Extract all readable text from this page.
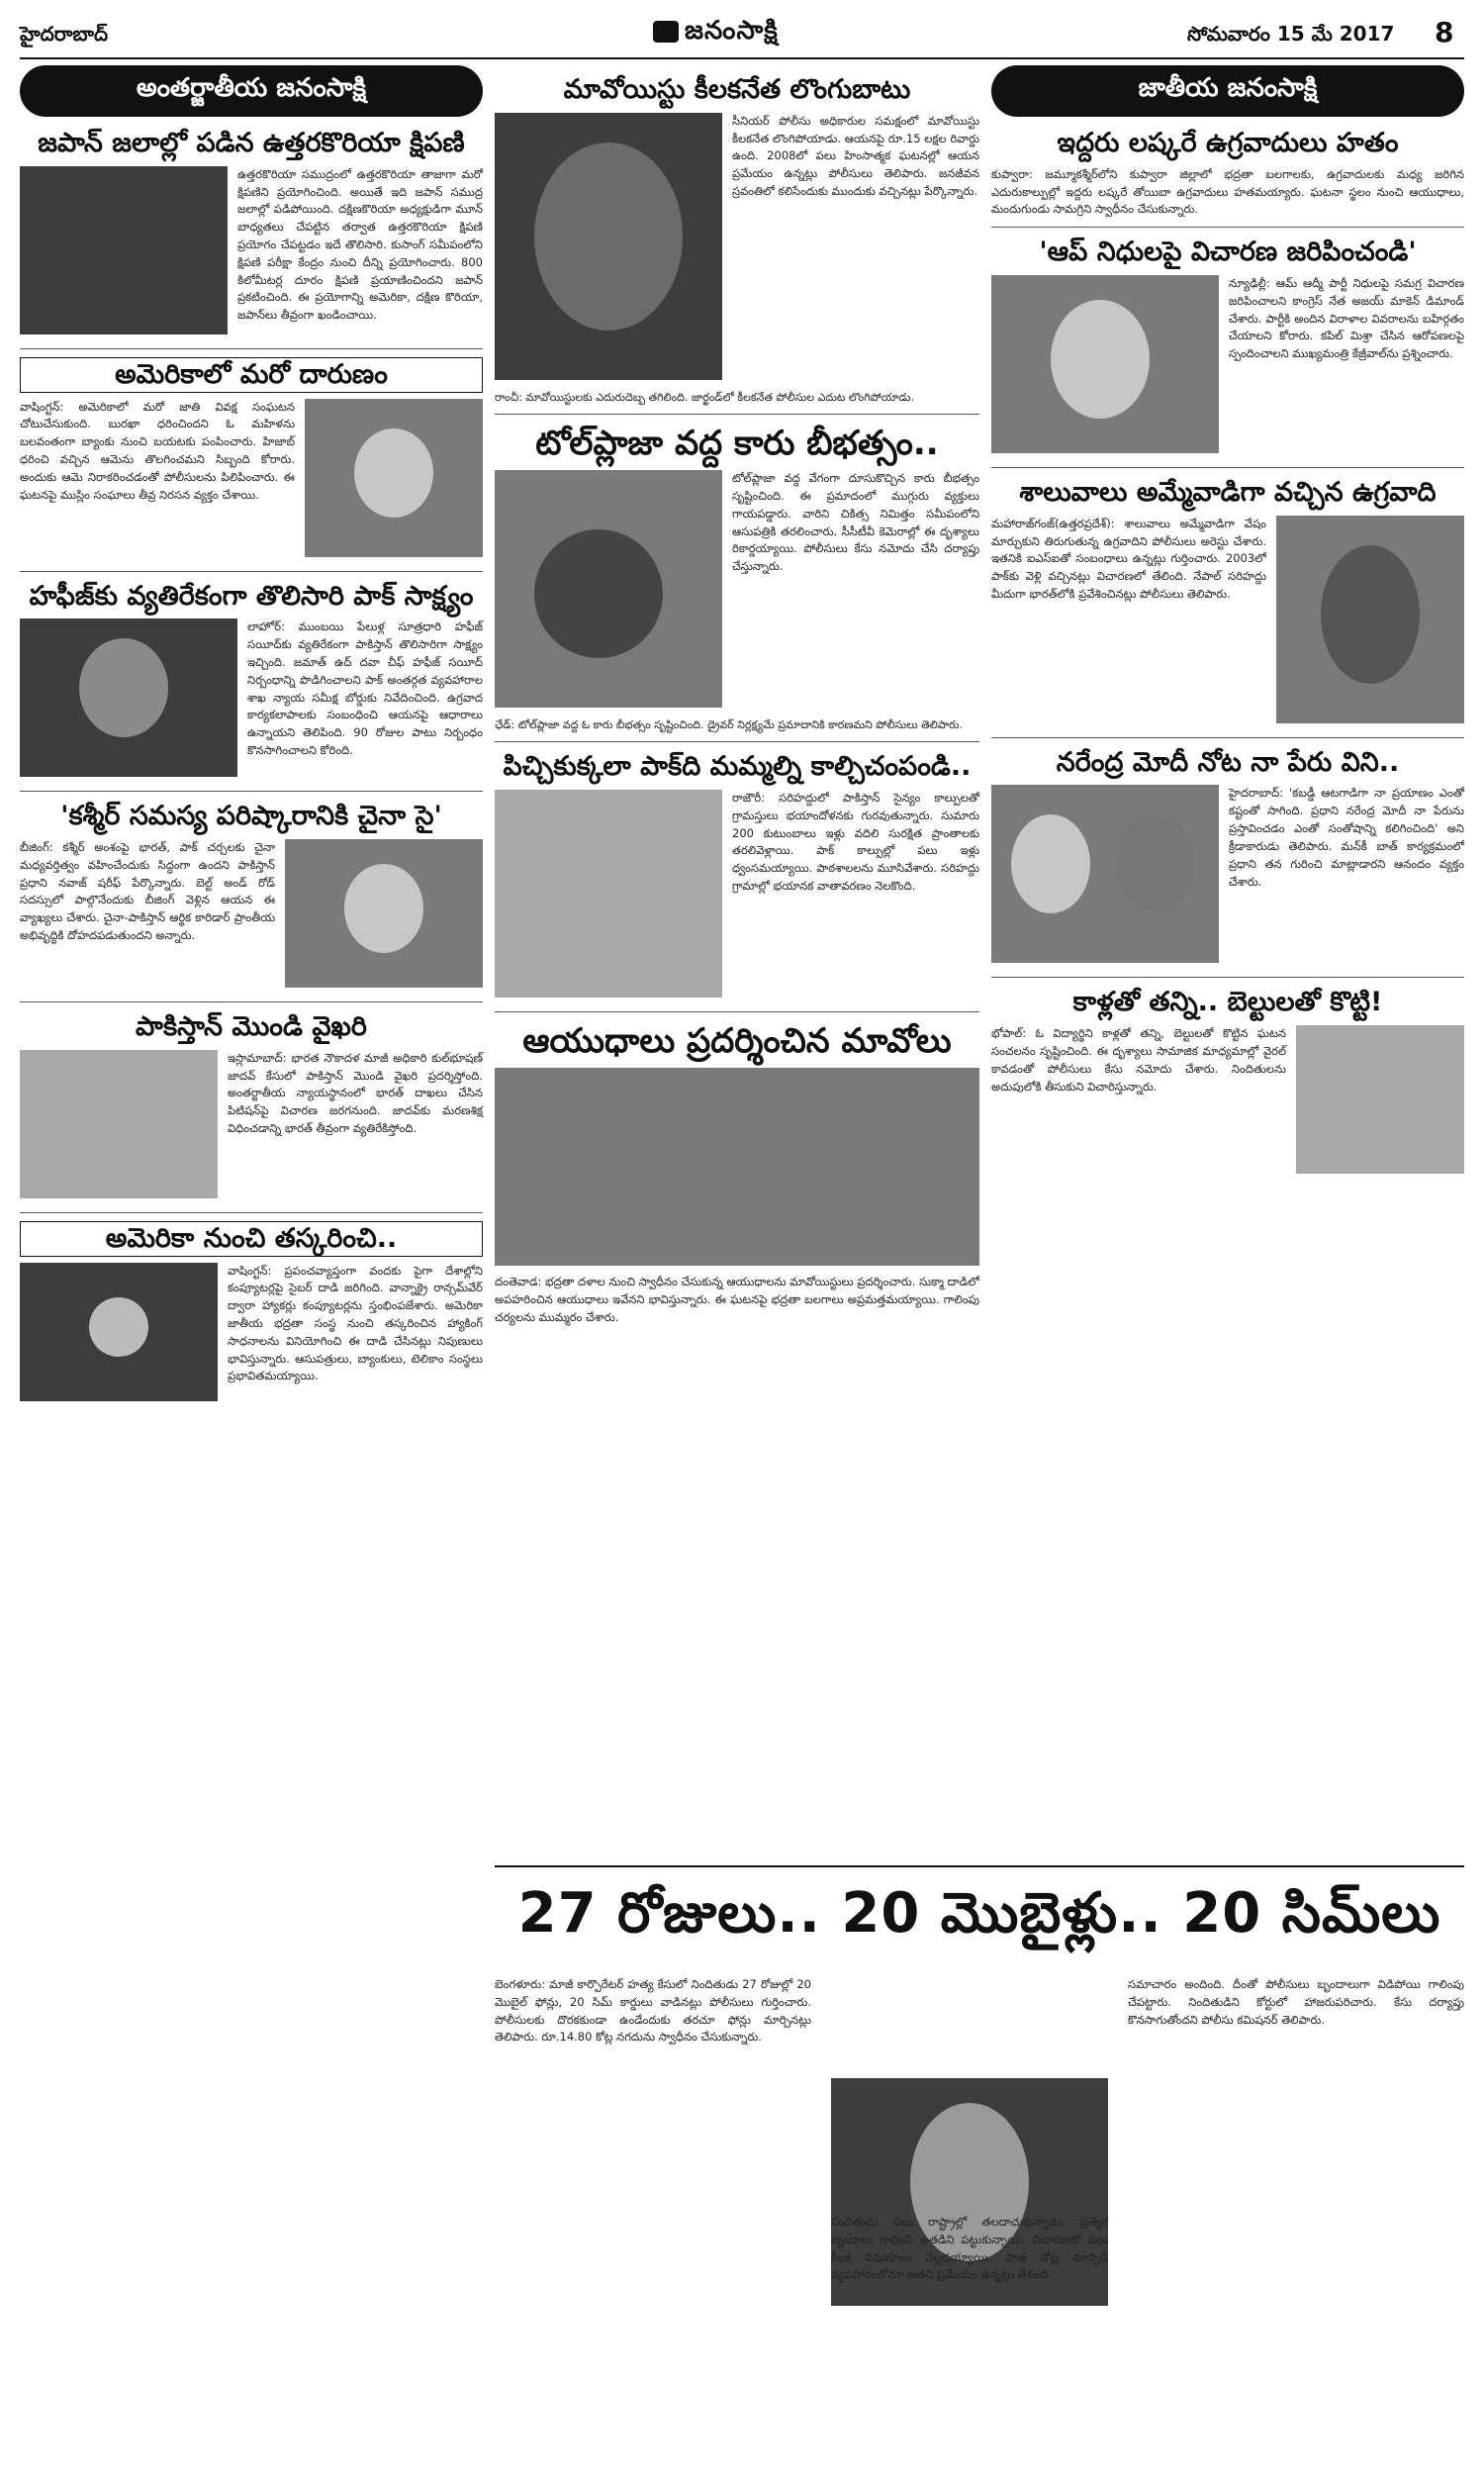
హైదరాబాద్	జనంసాక్షి	సోమవారం 15 మే 2017 8
అంతర్జాతీయ జనంసాక్షి
జపాన్ జలాల్లో పడిన ఉత్తరకొరియా క్షిపణి
ఉత్తరకొరియా సముద్రంలో ఉత్తరకొరియా తాజాగా మరో క్షిపణిని ప్రయోగించింది. అయితే ఇది జపాన్ సముద్ర జలాల్లో పడిపోయింది. దక్షిణకొరియా అధ్యక్షుడిగా మూన్ బాధ్యతలు చేపట్టిన తర్వాత ఉత్తరకొరియా క్షిపణి ప్రయోగం చేపట్టడం ఇదే తొలిసారి. కుసాంగ్ సమీపంలోని క్షిపణి పరీక్షా కేంద్రం నుంచి దీన్ని ప్రయోగించారు. 800 కిలోమీటర్ల దూరం క్షిపణి ప్రయాణించిందని జపాన్ ప్రకటించింది. ఈ ప్రయోగాన్ని అమెరికా, దక్షిణ కొరియా, జపాన్‌లు తీవ్రంగా ఖండించాయి.
అమెరికాలో మరో దారుణం
వాషింగ్టన్: అమెరికాలో మరో జాతి వివక్ష సంఘటన చోటుచేసుకుంది. బురఖా ధరించిందని ఓ మహిళను బలవంతంగా బ్యాంకు నుంచి బయటకు పంపించారు. హిజాబ్ ధరించి వచ్చిన ఆమెను తొలగించమని సిబ్బంది కోరారు. అందుకు ఆమె నిరాకరించడంతో పోలీసులను పిలిపించారు. ఈ ఘటనపై ముస్లిం సంఘాలు తీవ్ర నిరసన వ్యక్తం చేశాయి.
హఫీజ్‌కు వ్యతిరేకంగా తొలిసారి పాక్ సాక్ష్యం
లాహోర్: ముంబయి పేలుళ్ల సూత్రధారి హఫీజ్ సయీద్‌కు వ్యతిరేకంగా పాకిస్తాన్ తొలిసారిగా సాక్ష్యం ఇచ్చింది. జమాత్ ఉద్ దవా చీఫ్ హఫీజ్ సయీద్ నిర్బంధాన్ని పొడిగించాలని పాక్ అంతర్గత వ్యవహారాల శాఖ న్యాయ సమీక్ష బోర్డుకు నివేదించింది. ఉగ్రవాద కార్యకలాపాలకు సంబంధించి ఆయనపై ఆధారాలు ఉన్నాయని తెలిపింది. 90 రోజుల పాటు నిర్బంధం కొనసాగించాలని కోరింది.
'కశ్మీర్ సమస్య పరిష్కారానికి చైనా సై'
బీజింగ్: కశ్మీర్ అంశంపై భారత్, పాక్ చర్చలకు చైనా మధ్యవర్తిత్వం వహించేందుకు సిద్ధంగా ఉందని పాకిస్తాన్ ప్రధాని నవాజ్ షరీఫ్ పేర్కొన్నారు. బెల్ట్ అండ్ రోడ్ సదస్సులో పాల్గొనేందుకు బీజింగ్ వెళ్లిన ఆయన ఈ వ్యాఖ్యలు చేశారు. చైనా-పాకిస్తాన్ ఆర్థిక కారిడార్ ప్రాంతీయ అభివృద్ధికి దోహదపడుతుందని అన్నారు.
పాకిస్తాన్ మొండి వైఖరి
ఇస్లామాబాద్: భారత నౌకాదళ మాజీ అధికారి కుల్‌భూషణ్ జాదవ్ కేసులో పాకిస్తాన్ మొండి వైఖరి ప్రదర్శిస్తోంది. అంతర్జాతీయ న్యాయస్థానంలో భారత్ దాఖలు చేసిన పిటిషన్‌పై విచారణ జరగనుంది. జాదవ్‌కు మరణశిక్ష విధించడాన్ని భారత్ తీవ్రంగా వ్యతిరేకిస్తోంది.
అమెరికా నుంచి తస్కరించి..
వాషింగ్టన్: ప్రపంచవ్యాప్తంగా వందకు పైగా దేశాల్లోని కంప్యూటర్లపై సైబర్ దాడి జరిగింది. వాన్నాక్రై రాన్సమ్‌వేర్ ద్వారా హ్యాకర్లు కంప్యూటర్లను స్తంభింపజేశారు. అమెరికా జాతీయ భద్రతా సంస్థ నుంచి తస్కరించిన హ్యాకింగ్ సాధనాలను వినియోగించి ఈ దాడి చేసినట్లు నిపుణులు భావిస్తున్నారు. ఆసుపత్రులు, బ్యాంకులు, టెలికాం సంస్థలు ప్రభావితమయ్యాయి.
మావోయిస్టు కీలకనేత లొంగుబాటు
సీనియర్ పోలీసు అధికారుల సమక్షంలో మావోయిస్టు కీలకనేత లొంగిపోయాడు. ఆయనపై రూ.15 లక్షల రివార్డు ఉంది. 2008లో పలు హింసాత్మక ఘటనల్లో ఆయన ప్రమేయం ఉన్నట్లు పోలీసులు తెలిపారు. జనజీవన స్రవంతిలో కలిసేందుకు ముందుకు వచ్చినట్లు పేర్కొన్నారు.
రాంచీ: మావోయిస్టులకు ఎదురుదెబ్బ తగిలింది. జార్ఖండ్‌లో కీలకనేత పోలీసుల ఎదుట లొంగిపోయాడు.
టోల్‌ప్లాజా వద్ద కారు బీభత్సం..
టోల్‌ప్లాజా వద్ద వేగంగా దూసుకొచ్చిన కారు బీభత్సం సృష్టించింది. ఈ ప్రమాదంలో ముగ్గురు వ్యక్తులు గాయపడ్డారు. వారిని చికిత్స నిమిత్తం సమీపంలోని ఆసుపత్రికి తరలించారు. సీసీటీవీ కెమెరాల్లో ఈ దృశ్యాలు రికార్డయ్యాయి. పోలీసులు కేసు నమోదు చేసి దర్యాప్తు చేస్తున్నారు.
ఛేడ్: టోల్‌ప్లాజా వద్ద ఓ కారు బీభత్సం సృష్టించింది. డ్రైవర్ నిర్లక్ష్యమే ప్రమాదానికి కారణమని పోలీసులు తెలిపారు.
పిచ్చికుక్కలా పాక్‌ది మమ్మల్ని కాల్చిచంపండి..
రాజౌరీ: సరిహద్దులో పాకిస్తాన్ సైన్యం కాల్పులతో గ్రామస్తులు భయాందోళనకు గురవుతున్నారు. సుమారు 200 కుటుంబాలు ఇళ్లు వదిలి సురక్షిత ప్రాంతాలకు తరలివెళ్లాయి. పాక్ కాల్పుల్లో పలు ఇళ్లు ధ్వంసమయ్యాయి. పాఠశాలలను మూసివేశారు. సరిహద్దు గ్రామాల్లో భయానక వాతావరణం నెలకొంది.
ఆయుధాలు ప్రదర్శించిన మావోలు
దంతెవాడ: భద్రతా దళాల నుంచి స్వాధీనం చేసుకున్న ఆయుధాలను మావోయిస్టులు ప్రదర్శించారు. సుక్మా దాడిలో అపహరించిన ఆయుధాలు ఇవేనని భావిస్తున్నారు. ఈ ఘటనపై భద్రతా బలగాలు అప్రమత్తమయ్యాయి. గాలింపు చర్యలను ముమ్మరం చేశారు.
జాతీయ జనంసాక్షి
ఇద్దరు లష్కరే ఉగ్రవాదులు హతం
కుప్వారా: జమ్మూకశ్మీర్‌లోని కుప్వారా జిల్లాలో భద్రతా బలగాలకు, ఉగ్రవాదులకు మధ్య జరిగిన ఎదురుకాల్పుల్లో ఇద్దరు లష్కరే తోయిబా ఉగ్రవాదులు హతమయ్యారు. ఘటనా స్థలం నుంచి ఆయుధాలు, మందుగుండు సామగ్రిని స్వాధీనం చేసుకున్నారు.
'ఆప్ నిధులపై విచారణ జరిపించండి'
న్యూఢిల్లీ: ఆమ్ ఆద్మీ పార్టీ నిధులపై సమగ్ర విచారణ జరిపించాలని కాంగ్రెస్ నేత అజయ్ మాకెన్ డిమాండ్ చేశారు. పార్టీకి అందిన విరాళాల వివరాలను బహిర్గతం చేయాలని కోరారు. కపిల్ మిశ్రా చేసిన ఆరోపణలపై స్పందించాలని ముఖ్యమంత్రి కేజ్రీవాల్‌ను ప్రశ్నించారు.
శాలువాలు అమ్మేవాడిగా వచ్చిన ఉగ్రవాది
మహారాజ్‌గంజ్(ఉత్తరప్రదేశ్): శాలువాలు అమ్మేవాడిగా వేషం మార్చుకుని తిరుగుతున్న ఉగ్రవాదిని పోలీసులు అరెస్టు చేశారు. ఇతనికి ఐఎస్ఐతో సంబంధాలు ఉన్నట్లు గుర్తించారు. 2003లో పాక్‌కు వెళ్లి వచ్చినట్లు విచారణలో తేలింది. నేపాల్ సరిహద్దు మీదుగా భారత్‌లోకి ప్రవేశించినట్లు పోలీసులు తెలిపారు.
నరేంద్ర మోదీ నోట నా పేరు విని..
హైదరాబాద్: 'కబడ్డీ ఆటగాడిగా నా ప్రయాణం ఎంతో కష్టంతో సాగింది. ప్రధాని నరేంద్ర మోదీ నా పేరును ప్రస్తావించడం ఎంతో సంతోషాన్ని కలిగించింది' అని క్రీడాకారుడు తెలిపారు. మన్‌కీ బాత్ కార్యక్రమంలో ప్రధాని తన గురించి మాట్లాడారని ఆనందం వ్యక్తం చేశారు.
కాళ్లతో తన్ని.. బెల్టులతో కొట్టి!
భోపాల్: ఓ విద్యార్థిని కాళ్లతో తన్ని, బెల్టులతో కొట్టిన ఘటన సంచలనం సృష్టించింది. ఈ దృశ్యాలు సామాజిక మాధ్యమాల్లో వైరల్ కావడంతో పోలీసులు కేసు నమోదు చేశారు. నిందితులను అదుపులోకి తీసుకుని విచారిస్తున్నారు.
27 రోజులు.. 20 మొబైళ్లు.. 20 సిమ్‌లు
బెంగళూరు: మాజీ కార్పొరేటర్ హత్య కేసులో నిందితుడు 27 రోజుల్లో 20 మొబైల్ ఫోన్లు, 20 సిమ్ కార్డులు వాడినట్లు పోలీసులు గుర్తించారు. పోలీసులకు దొరకకుండా ఉండేందుకు తరచూ ఫోన్లు మార్చినట్లు తెలిపారు. రూ.14.80 కోట్ల నగదును స్వాధీనం చేసుకున్నారు.
నిందితుడు పలు రాష్ట్రాల్లో తలదాచుకున్నాడు. ప్రత్యేక బృందాలు గాలించి అతడిని పట్టుకున్నాయి. విచారణలో పలు కీలక విషయాలు వెల్లడయ్యాయి. పాత నోట్ల మార్పిడి వ్యవహారంలోనూ అతని ప్రమేయం ఉన్నట్లు తేలింది.
సమాచారం అందింది. దీంతో పోలీసులు బృందాలుగా విడిపోయి గాలింపు చేపట్టారు. నిందితుడిని కోర్టులో హాజరుపరిచారు. కేసు దర్యాప్తు కొనసాగుతోందని పోలీసు కమిషనర్ తెలిపారు.
